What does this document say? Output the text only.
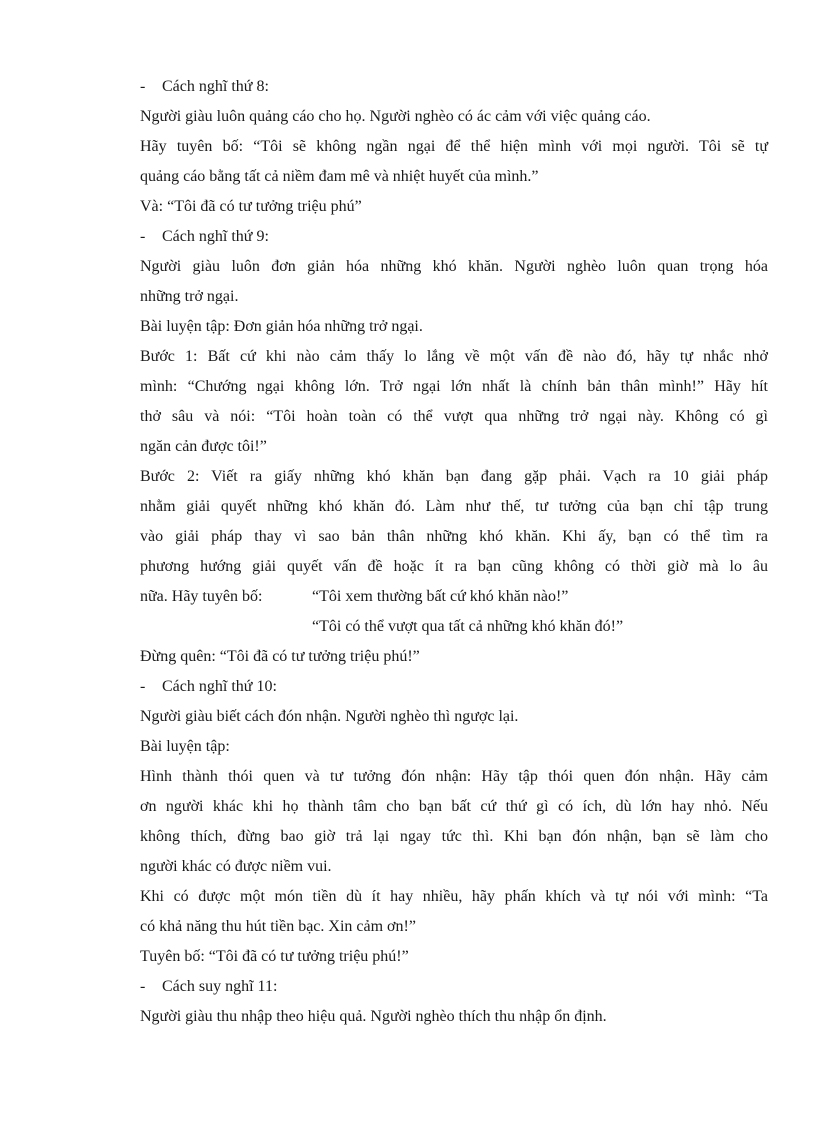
- Cách nghĩ thứ 8:
Người giàu luôn quảng cáo cho họ. Người nghèo có ác cảm với việc quảng cáo.
Hãy tuyên bố: “Tôi sẽ không ngần ngại để thể hiện mình với mọi người. Tôi sẽ tự
quảng cáo bằng tất cả niềm đam mê và nhiệt huyết của mình.”
Và: “Tôi đã có tư tưởng triệu phú”
- Cách nghĩ thứ 9:
Người giàu luôn đơn giản hóa những khó khăn. Người nghèo luôn quan trọng hóa
những trở ngại.
Bài luyện tập: Đơn giản hóa những trở ngại.
Bước 1: Bất cứ khi nào cảm thấy lo lắng về một vấn đề nào đó, hãy tự nhắc nhở
mình: “Chướng ngại không lớn. Trở ngại lớn nhất là chính bản thân mình!” Hãy hít
thở sâu và nói: “Tôi hoàn toàn có thể vượt qua những trở ngại này. Không có gì
ngăn cản được tôi!”
Bước 2: Viết ra giấy những khó khăn bạn đang gặp phải. Vạch ra 10 giải pháp
nhằm giải quyết những khó khăn đó. Làm như thế, tư tưởng của bạn chỉ tập trung
vào giải pháp thay vì sao bản thân những khó khăn. Khi ấy, bạn có thể tìm ra
phương hướng giải quyết vấn đề hoặc ít ra bạn cũng không có thời giờ mà lo âu
nữa. Hãy tuyên bố:	“Tôi xem thường bất cứ khó khăn nào!”
“Tôi có thể vượt qua tất cả những khó khăn đó!”
Đừng quên: “Tôi đã có tư tưởng triệu phú!”
- Cách nghĩ thứ 10:
Người giàu biết cách đón nhận. Người nghèo thì ngược lại.
Bài luyện tập:
Hình thành thói quen và tư tưởng đón nhận: Hãy tập thói quen đón nhận. Hãy cảm
ơn người khác khi họ thành tâm cho bạn bất cứ thứ gì có ích, dù lớn hay nhỏ. Nếu
không thích, đừng bao giờ trả lại ngay tức thì. Khi bạn đón nhận, bạn sẽ làm cho
người khác có được niềm vui.
Khi có được một món tiền dù ít hay nhiều, hãy phấn khích và tự nói với mình: “Ta
có khả năng thu hút tiền bạc. Xin cảm ơn!”
Tuyên bố: “Tôi đã có tư tưởng triệu phú!”
- Cách suy nghĩ 11:
Người giàu thu nhập theo hiệu quả. Người nghèo thích thu nhập ổn định.
